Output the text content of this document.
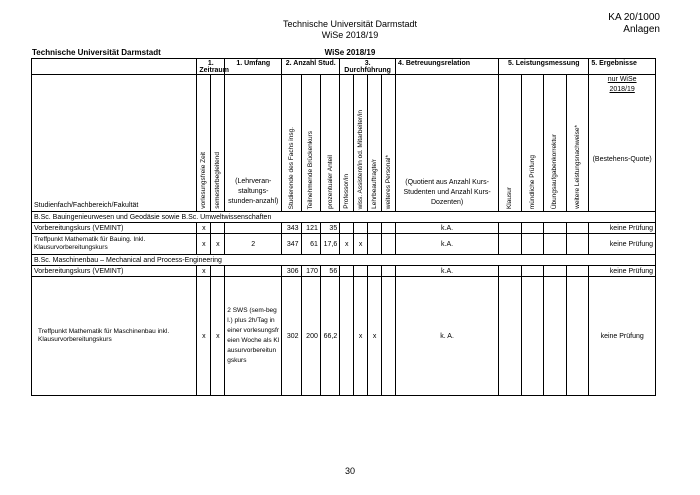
Technische Universität Darmstadt
WiSe 2018/19
KA 20/1000
Anlagen
Technische Universität Darmstadt	WiSe 2018/19
	1. Zeitraum		1. Umfang	2. Anzahl Stud.			3. Durchführung				4. Betreuungsrelation	5. Leistungsmessung				5. Ergebnisse

Studienfach/Fachbereich/Fakultät	vorlesungsfreie Zeit	semesterbegleitend	(Lehrveran-staltungs-stunden-anzahl)	Studierende des Fachs insg.	Teilnehmende Brückenkurs	prozentualer Anteil	Professor/in	wiss. Assistent/in od. Mitarbeiter/in	Lehrbeauftragte/r	weiteres Personal*	(Quotient aus Anzahl Kurs-Studenten und Anzahl Kurs-Dozenten)	Klausur	mündliche Prüfung	Übungsaufgabenkorrektur	weitere Leistungsnachweise*	nur WiSe
2018/19
(Bestehens-Quote)

B.Sc. Bauingenieurwesen und Geodäsie sowie B.Sc. Umweltwissenschaften																
Vorbereitungskurs (VEMINT)	x			343	121	35					k.A.					keine Prüfung
Treffpunkt Mathematik für Bauing. Inkl. Klausurvorbereitungskurs	x	x	2	347	61	17,6	x	x			k.A.					keine Prüfung
B.Sc. Maschinenbau – Mechanical and Process-Engineering																
Vorbereitungskurs (VEMINT)	x			306	170	56					k.A.					keine Prüfung
Treffpunkt Mathematik für Maschinenbau inkl. Klausurvorbereitungskurs	x	x	2 SWS (sem-begl.) plus 2h/Tag in einer vorlesungsfreien Woche als Klausurvorbereitungskurs	302	200	66,2		x	x		k. A.					keine Prüfung
30
